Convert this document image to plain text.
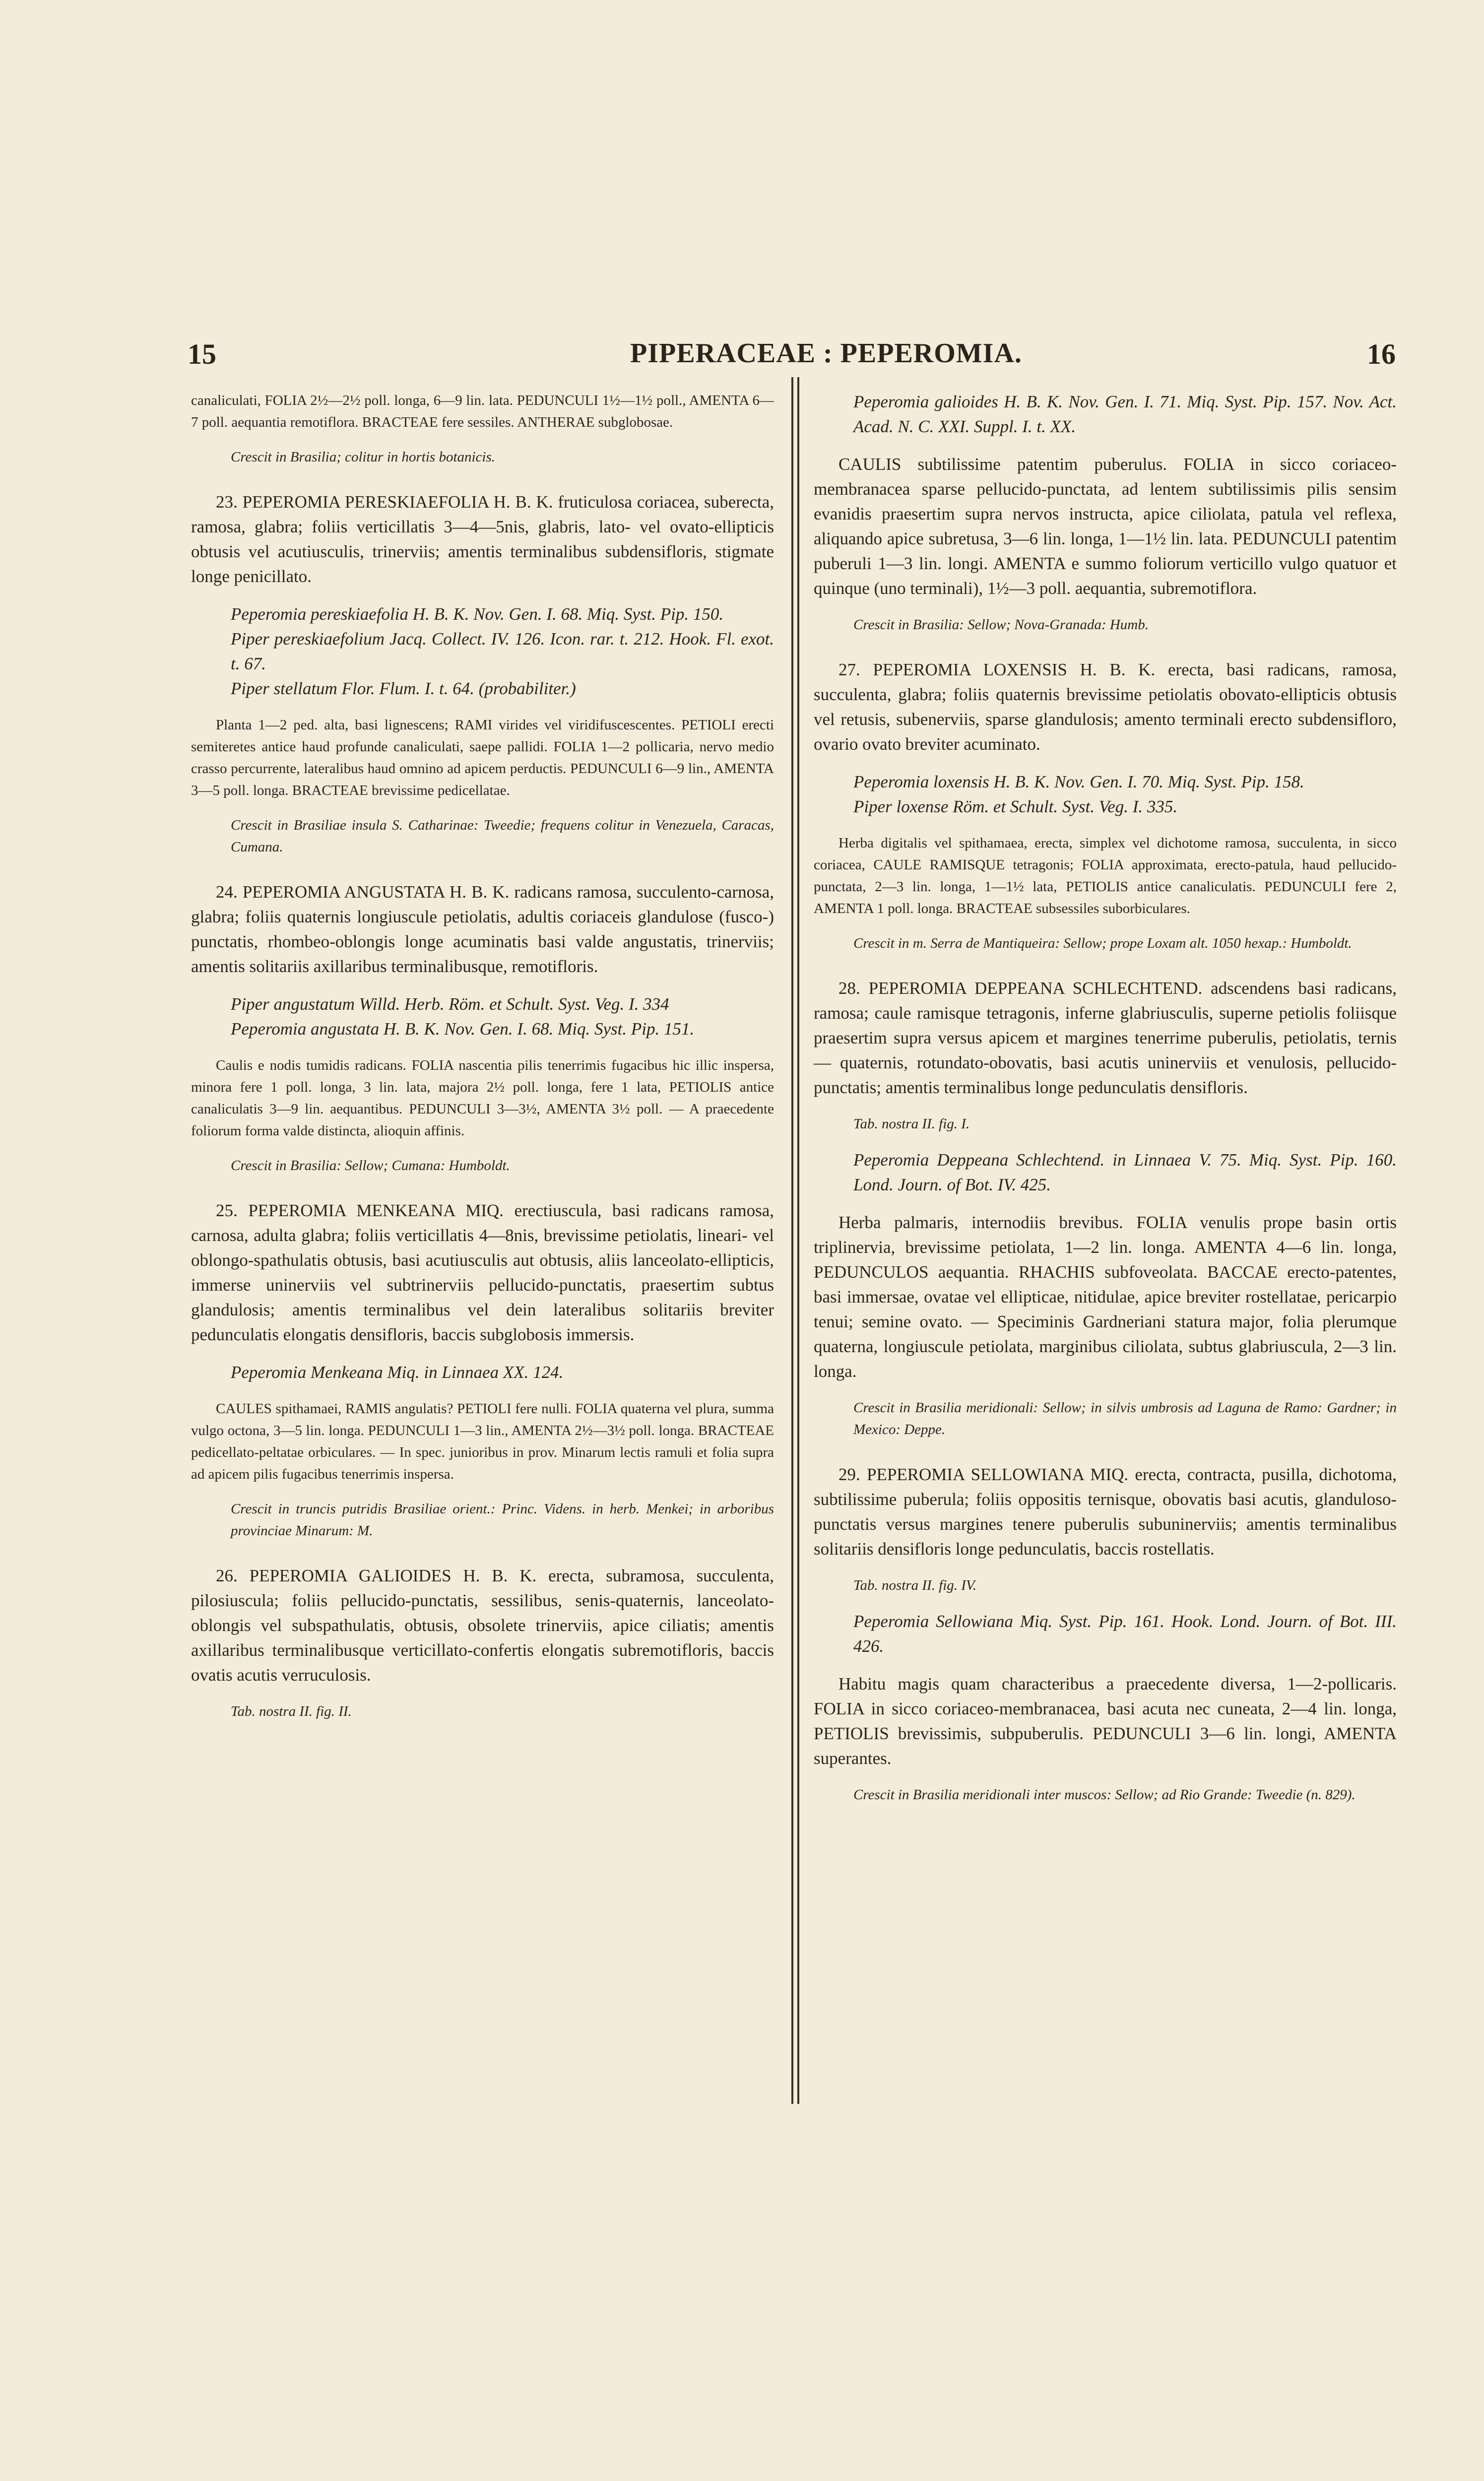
15	PIPERACEAE : PEPEROMIA.	16

canaliculati, FOLIA 2½—2½ poll. longa, 6—9 lin. lata. PEDUNCULI 1½—1½ poll., AMENTA 6—7 poll. aequantia remotiflora. BRACTEAE fere sessiles. ANTHERAE subglobosae.

Crescit in Brasilia; colitur in hortis botanicis.

23. PEPEROMIA PERESKIAEFOLIA H. B. K. fruticulosa coriacea, suberecta, ramosa, glabra; foliis verticillatis 3—4—5nis, glabris, lato- vel ovato-ellipticis obtusis vel acutiusculis, trinerviis; amentis terminalibus subdensifloris, stigmate longe penicillato.

Peperomia pereskiaefolia H. B. K. Nov. Gen. I. 68. Miq. Syst. Pip. 150.

Piper pereskiaefolium Jacq. Collect. IV. 126. Icon. rar. t. 212. Hook. Fl. exot. t. 67.

Piper stellatum Flor. Flum. I. t. 64. (probabiliter.)

Planta 1—2 ped. alta, basi lignescens; RAMI virides vel viridifuscescentes. PETIOLI erecti semiteretes antice haud profunde canaliculati, saepe pallidi. FOLIA 1—2 pollicaria, nervo medio crasso percurrente, lateralibus haud omnino ad apicem perductis. PEDUNCULI 6—9 lin., AMENTA 3—5 poll. longa. BRACTEAE brevissime pedicellatae.

Crescit in Brasiliae insula S. Catharinae: Tweedie; frequens colitur in Venezuela, Caracas, Cumana.

24. PEPEROMIA ANGUSTATA H. B. K. radicans ramosa, succulento-carnosa, glabra; foliis quaternis longiuscule petiolatis, adultis coriaceis glandulose (fusco-) punctatis, rhombeo-oblongis longe acuminatis basi valde angustatis, trinerviis; amentis solitariis axillaribus terminalibusque, remotifloris.

Piper angustatum Willd. Herb. Röm. et Schult. Syst. Veg. I. 334

Peperomia angustata H. B. K. Nov. Gen. I. 68. Miq. Syst. Pip. 151.

Caulis e nodis tumidis radicans. FOLIA nascentia pilis tenerrimis fugacibus hic illic inspersa, minora fere 1 poll. longa, 3 lin. lata, majora 2½ poll. longa, fere 1 lata, PETIOLIS antice canaliculatis 3—9 lin. aequantibus. PEDUNCULI 3—3½, AMENTA 3½ poll. — A praecedente foliorum forma valde distincta, alioquin affinis.

Crescit in Brasilia: Sellow; Cumana: Humboldt.

25. PEPEROMIA MENKEANA MIQ. erectiuscula, basi radicans ramosa, carnosa, adulta glabra; foliis verticillatis 4—8nis, brevissime petiolatis, lineari- vel oblongo-spathulatis obtusis, basi acutiusculis aut obtusis, aliis lanceolato-ellipticis, immerse uninerviis vel subtrinerviis pellucido-punctatis, praesertim subtus glandulosis; amentis terminalibus vel dein lateralibus solitariis breviter pedunculatis elongatis densifloris, baccis subglobosis immersis.

Peperomia Menkeana Miq. in Linnaea XX. 124.

CAULES spithamaei, RAMIS angulatis? PETIOLI fere nulli. FOLIA quaterna vel plura, summa vulgo octona, 3—5 lin. longa. PEDUNCULI 1—3 lin., AMENTA 2½—3½ poll. longa. BRACTEAE pedicellato-peltatae orbiculares. — In spec. junioribus in prov. Minarum lectis ramuli et folia supra ad apicem pilis fugacibus tenerrimis inspersa.

Crescit in truncis putridis Brasiliae orient.: Princ. Videns. in herb. Menkei; in arboribus provinciae Minarum: M.

26. PEPEROMIA GALIOIDES H. B. K. erecta, subramosa, succulenta, pilosiuscula; foliis pellucido-punctatis, sessilibus, senis-quaternis, lanceolato-oblongis vel subspathulatis, obtusis, obsolete trinerviis, apice ciliatis; amentis axillaribus terminalibusque verticillato-confertis elongatis subremotifloris, baccis ovatis acutis verruculosis.

Tab. nostra II. fig. II.

Peperomia galioides H. B. K. Nov. Gen. I. 71. Miq. Syst. Pip. 157. Nov. Act. Acad. N. C. XXI. Suppl. I. t. XX.

CAULIS subtilissime patentim puberulus. FOLIA in sicco coriaceo-membranacea sparse pellucido-punctata, ad lentem subtilissimis pilis sensim evanidis praesertim supra nervos instructa, apice ciliolata, patula vel reflexa, aliquando apice subretusa, 3—6 lin. longa, 1—1½ lin. lata. PEDUNCULI patentim puberuli 1—3 lin. longi. AMENTA e summo foliorum verticillo vulgo quatuor et quinque (uno terminali), 1½—3 poll. aequantia, subremotiflora.

Crescit in Brasilia: Sellow; Nova-Granada: Humb.

27. PEPEROMIA LOXENSIS H. B. K. erecta, basi radicans, ramosa, succulenta, glabra; foliis quaternis brevissime petiolatis obovato-ellipticis obtusis vel retusis, subenerviis, sparse glandulosis; amento terminali erecto subdensifloro, ovario ovato breviter acuminato.

Peperomia loxensis H. B. K. Nov. Gen. I. 70. Miq. Syst. Pip. 158.

Piper loxense Röm. et Schult. Syst. Veg. I. 335.

Herba digitalis vel spithamaea, erecta, simplex vel dichotome ramosa, succulenta, in sicco coriacea, CAULE RAMISQUE tetragonis; FOLIA approximata, erecto-patula, haud pellucido-punctata, 2—3 lin. longa, 1—1½ lata, PETIOLIS antice canaliculatis. PEDUNCULI fere 2, AMENTA 1 poll. longa. BRACTEAE subsessiles suborbiculares.

Crescit in m. Serra de Mantiqueira: Sellow; prope Loxam alt. 1050 hexap.: Humboldt.

28. PEPEROMIA DEPPEANA SCHLECHTEND. adscendens basi radicans, ramosa; caule ramisque tetragonis, inferne glabriusculis, superne petiolis foliisque praesertim supra versus apicem et margines tenerrime puberulis, petiolatis, ternis — quaternis, rotundato-obovatis, basi acutis uninerviis et venulosis, pellucido-punctatis; amentis terminalibus longe pedunculatis densifloris.

Tab. nostra II. fig. I.

Peperomia Deppeana Schlechtend. in Linnaea V. 75. Miq. Syst. Pip. 160. Lond. Journ. of Bot. IV. 425.

Herba palmaris, internodiis brevibus. FOLIA venulis prope basin ortis triplinervia, brevissime petiolata, 1—2 lin. longa. AMENTA 4—6 lin. longa, PEDUNCULOS aequantia. RHACHIS subfoveolata. BACCAE erecto-patentes, basi immersae, ovatae vel ellipticae, nitidulae, apice breviter rostellatae, pericarpio tenui; semine ovato. — Speciminis Gardneriani statura major, folia plerumque quaterna, longiuscule petiolata, marginibus ciliolata, subtus glabriuscula, 2—3 lin. longa.

Crescit in Brasilia meridionali: Sellow; in silvis umbrosis ad Laguna de Ramo: Gardner; in Mexico: Deppe.

29. PEPEROMIA SELLOWIANA MIQ. erecta, contracta, pusilla, dichotoma, subtilissime puberula; foliis oppositis ternisque, obovatis basi acutis, glanduloso-punctatis versus margines tenere puberulis subuninerviis; amentis terminalibus solitariis densifloris longe pedunculatis, baccis rostellatis.

Tab. nostra II. fig. IV.

Peperomia Sellowiana Miq. Syst. Pip. 161. Hook. Lond. Journ. of Bot. III. 426.

Habitu magis quam characteribus a praecedente diversa, 1—2-pollicaris. FOLIA in sicco coriaceo-membranacea, basi acuta nec cuneata, 2—4 lin. longa, PETIOLIS brevissimis, subpuberulis. PEDUNCULI 3—6 lin. longi, AMENTA superantes.

Crescit in Brasilia meridionali inter muscos: Sellow; ad Rio Grande: Tweedie (n. 829).
